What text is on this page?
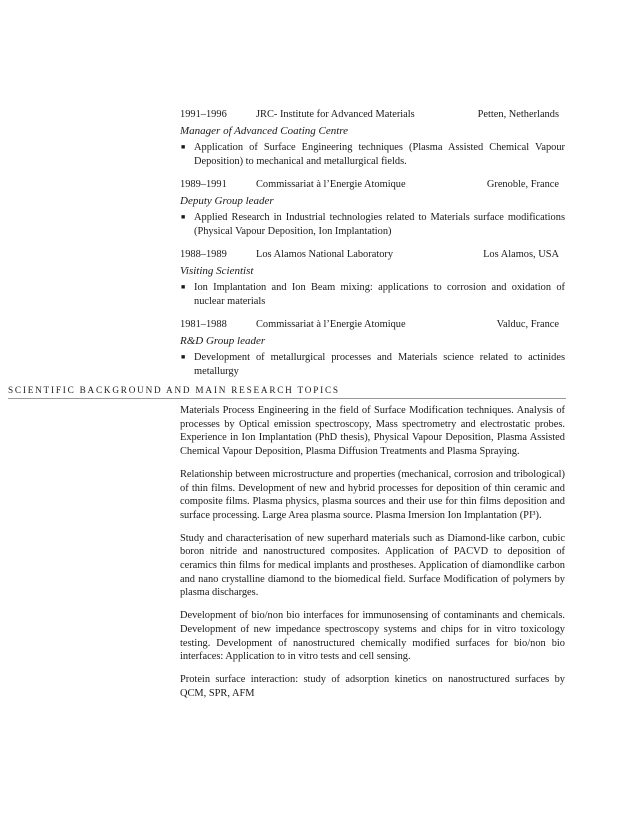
1991–1996	JRC- Institute for Advanced Materials	Petten, Netherlands
Manager of Advanced Coating Centre
■ Application of Surface Engineering techniques (Plasma Assisted Chemical Vapour Deposition) to mechanical and metallurgical fields.
1989–1991	Commissariat à l’Energie Atomique	Grenoble, France
Deputy Group leader
■ Applied Research in Industrial technologies related to Materials surface modifications (Physical Vapour Deposition, Ion Implantation)
1988–1989	Los Alamos National Laboratory	Los Alamos, USA
Visiting Scientist
■ Ion Implantation and Ion Beam mixing: applications to corrosion and oxidation of nuclear materials
1981–1988	Commissariat à l’Energie Atomique	Valduc, France
R&D Group leader
■ Development of metallurgical processes and Materials science related to actinides metallurgy
SCIENTIFIC BACKGROUND AND MAIN RESEARCH TOPICS
Materials Process Engineering in the field of Surface Modification techniques. Analysis of processes by Optical emission spectroscopy, Mass spectrometry and electrostatic probes. Experience in Ion Implantation (PhD thesis), Physical Vapour Deposition, Plasma Assisted Chemical Vapour Deposition, Plasma Diffusion Treatments and Plasma Spraying.
Relationship between microstructure and properties (mechanical, corrosion and tribological) of thin films. Development of new and hybrid processes for deposition of thin ceramic and composite films. Plasma physics, plasma sources and their use for thin films deposition and surface processing. Large Area plasma source. Plasma Imersion Ion Implantation (PI³).
Study and characterisation of new superhard materials such as Diamond-like carbon, cubic boron nitride and nanostructured composites. Application of PACVD to deposition of ceramics thin films for medical implants and prostheses. Application of diamondlike carbon and nano crystalline diamond to the biomedical field. Surface Modification of polymers by plasma discharges.
Development of bio/non bio interfaces for immunosensing of contaminants and chemicals. Development of new impedance spectroscopy systems and chips for in vitro toxicology testing. Development of nanostructured chemically modified surfaces for bio/non bio interfaces: Application to in vitro tests and cell sensing.
Protein surface interaction: study of adsorption kinetics on nanostructured surfaces by QCM, SPR, AFM
